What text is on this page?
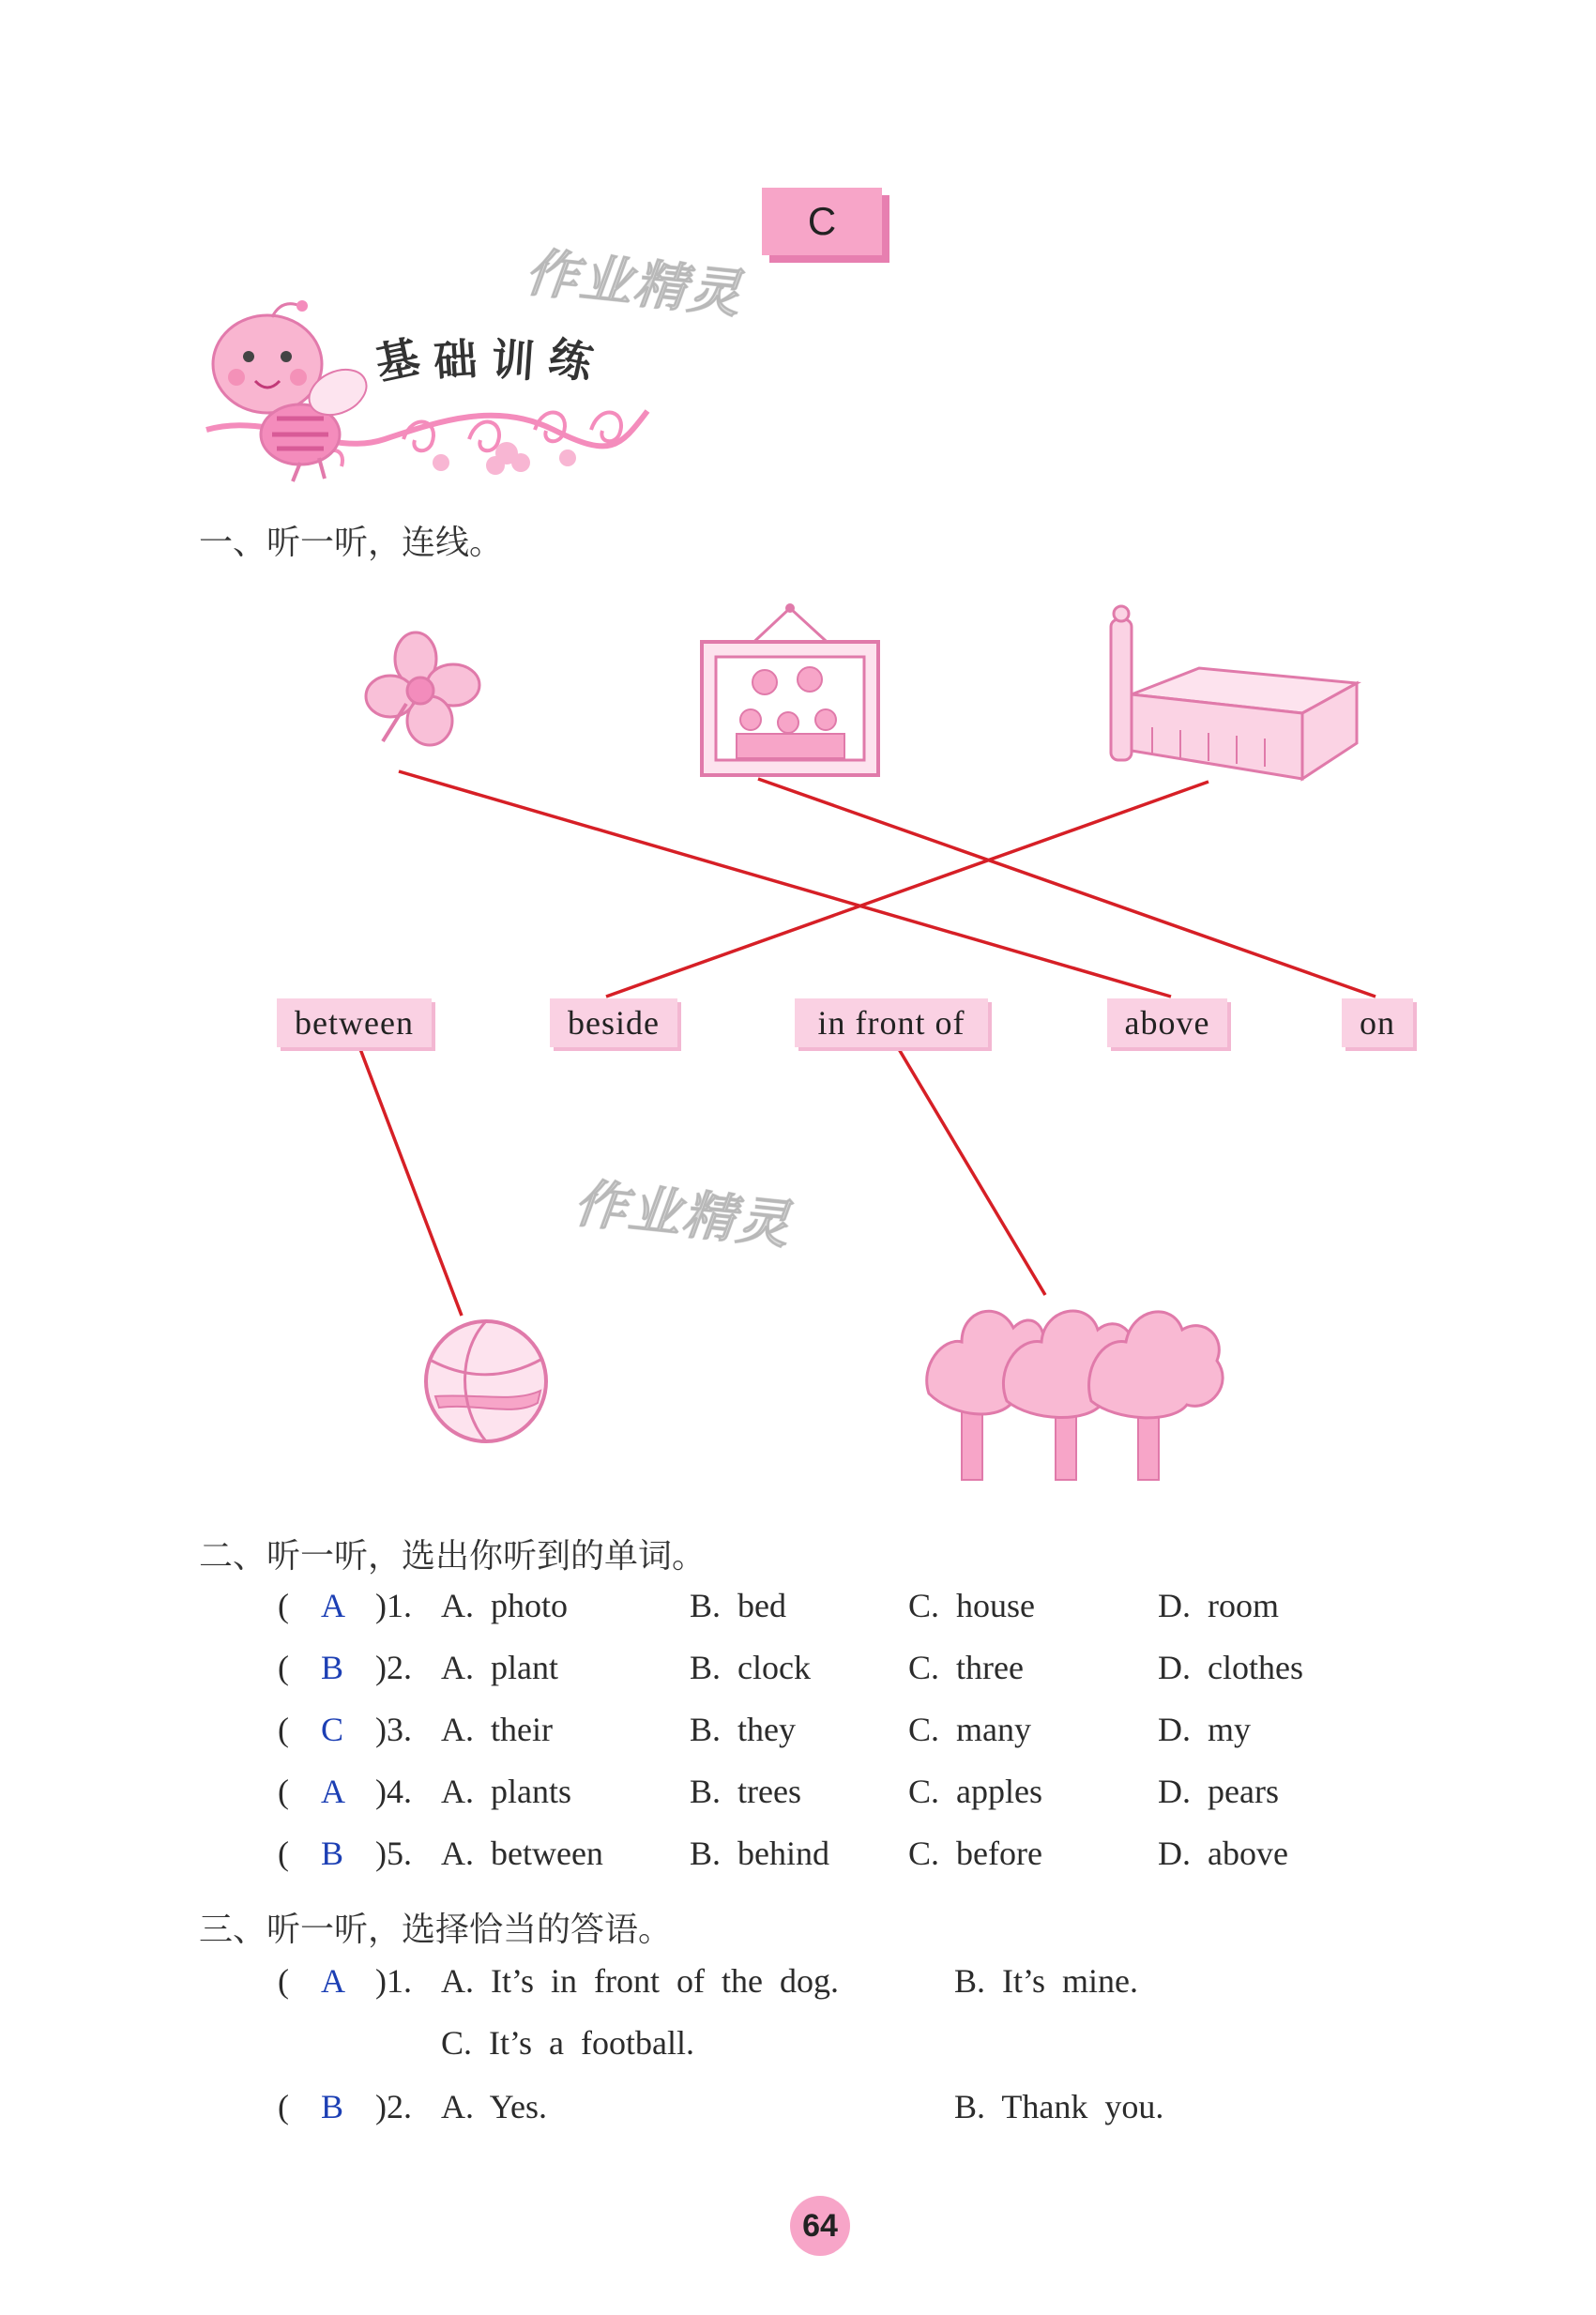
C
作业精灵
作业精灵
基 础 训 练
一、听一听，连线。
between	beside	in front of	above	on
二、听一听，选出你听到的单词。
( A )1. A.  photo	B.  bed	C.  house	D.  room
( B )2. A.  plant	B.  clock	C.  three	D.  clothes
( C )3. A.  their	B.  they	C.  many	D.  my
( A )4. A.  plants	B.  trees	C.  apples	D.  pears
( B )5. A.  between	B.  behind C.  before	D.  above
三、听一听，选择恰当的答语。
( A )1. A.  It’s  in  front  of  the  dog.	B.  It’s  mine.
C.  It’s  a  football.
( B )2. A.  Yes.	B.  Thank  you.
64
